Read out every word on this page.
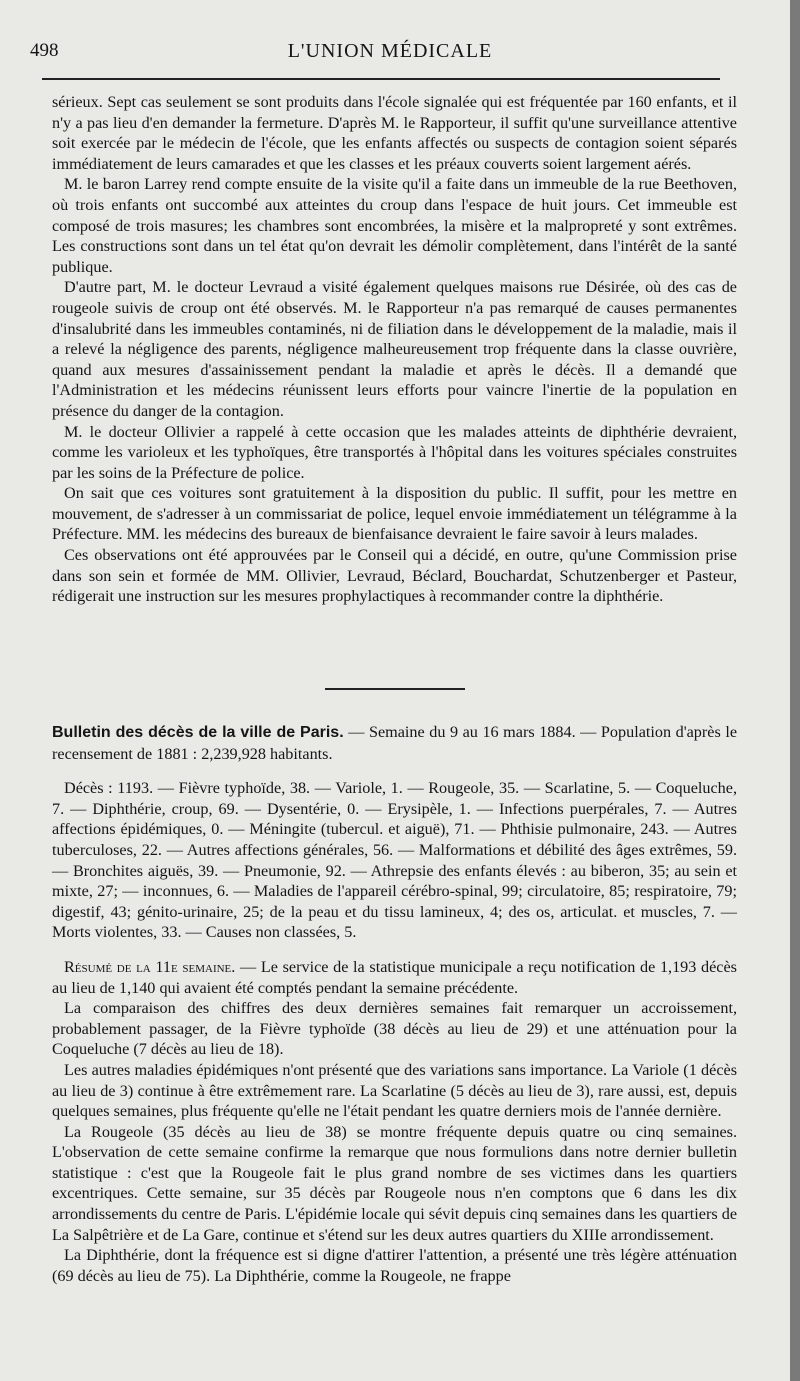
498	L'UNION MÉDICALE

sérieux. Sept cas seulement se sont produits dans l'école signalée qui est fréquentée par 160 enfants, et il n'y a pas lieu d'en demander la fermeture. D'après M. le Rapporteur, il suffit qu'une surveillance attentive soit exercée par le médecin de l'école, que les enfants affectés ou suspects de contagion soient séparés immédiatement de leurs camarades et que les classes et les préaux couverts soient largement aérés.

M. le baron Larrey rend compte ensuite de la visite qu'il a faite dans un immeuble de la rue Beethoven, où trois enfants ont succombé aux atteintes du croup dans l'espace de huit jours. Cet immeuble est composé de trois masures; les chambres sont encombrées, la misère et la malpropreté y sont extrêmes. Les constructions sont dans un tel état qu'on devrait les démolir complètement, dans l'intérêt de la santé publique.

D'autre part, M. le docteur Levraud a visité également quelques maisons rue Désirée, où des cas de rougeole suivis de croup ont été observés. M. le Rapporteur n'a pas remarqué de causes permanentes d'insalubrité dans les immeubles contaminés, ni de filiation dans le développement de la maladie, mais il a relevé la négligence des parents, négligence malheureusement trop fréquente dans la classe ouvrière, quand aux mesures d'assainissement pendant la maladie et après le décès. Il a demandé que l'Administration et les médecins réunissent leurs efforts pour vaincre l'inertie de la population en présence du danger de la contagion.

M. le docteur Ollivier a rappelé à cette occasion que les malades atteints de diphthérie devraient, comme les varioleux et les typhoïques, être transportés à l'hôpital dans les voitures spéciales construites par les soins de la Préfecture de police.

On sait que ces voitures sont gratuitement à la disposition du public. Il suffit, pour les mettre en mouvement, de s'adresser à un commissariat de police, lequel envoie immédiatement un télégramme à la Préfecture. MM. les médecins des bureaux de bienfaisance devraient le faire savoir à leurs malades.

Ces observations ont été approuvées par le Conseil qui a décidé, en outre, qu'une Commission prise dans son sein et formée de MM. Ollivier, Levraud, Béclard, Bouchardat, Schutzenberger et Pasteur, rédigerait une instruction sur les mesures prophylactiques à recommander contre la diphthérie.

Bulletin des décès de la ville de Paris. — Semaine du 9 au 16 mars 1884. — Population d'après le recensement de 1881 : 2,239,928 habitants.

Décès : 1193. — Fièvre typhoïde, 38. — Variole, 1. — Rougeole, 35. — Scarlatine, 5. — Coqueluche, 7. — Diphthérie, croup, 69. — Dysentérie, 0. — Erysipèle, 1. — Infections puerpérales, 7. — Autres affections épidémiques, 0. — Méningite (tubercul. et aiguë), 71. — Phthisie pulmonaire, 243. — Autres tuberculoses, 22. — Autres affections générales, 56. — Malformations et débilité des âges extrêmes, 59. — Bronchites aiguës, 39. — Pneumonie, 92. — Athrepsie des enfants élevés : au biberon, 35; au sein et mixte, 27; — inconnues, 6. — Maladies de l'appareil cérébro-spinal, 99; circulatoire, 85; respiratoire, 79; digestif, 43; génito-urinaire, 25; de la peau et du tissu lamineux, 4; des os, articulat. et muscles, 7. — Morts violentes, 33. — Causes non classées, 5.

Résumé de la 11e semaine. — Le service de la statistique municipale a reçu notification de 1,193 décès au lieu de 1,140 qui avaient été comptés pendant la semaine précédente.

La comparaison des chiffres des deux dernières semaines fait remarquer un accroissement, probablement passager, de la Fièvre typhoïde (38 décès au lieu de 29) et une atténuation pour la Coqueluche (7 décès au lieu de 18).

Les autres maladies épidémiques n'ont présenté que des variations sans importance. La Variole (1 décès au lieu de 3) continue à être extrêmement rare. La Scarlatine (5 décès au lieu de 3), rare aussi, est, depuis quelques semaines, plus fréquente qu'elle ne l'était pendant les quatre derniers mois de l'année dernière.

La Rougeole (35 décès au lieu de 38) se montre fréquente depuis quatre ou cinq semaines. L'observation de cette semaine confirme la remarque que nous formulions dans notre dernier bulletin statistique : c'est que la Rougeole fait le plus grand nombre de ses victimes dans les quartiers excentriques. Cette semaine, sur 35 décès par Rougeole nous n'en comptons que 6 dans les dix arrondissements du centre de Paris. L'épidémie locale qui sévit depuis cinq semaines dans les quartiers de La Salpêtrière et de La Gare, continue et s'étend sur les deux autres quartiers du XIIIe arrondissement.

La Diphthérie, dont la fréquence est si digne d'attirer l'attention, a présenté une très légère atténuation (69 décès au lieu de 75). La Diphthérie, comme la Rougeole, ne frappe
